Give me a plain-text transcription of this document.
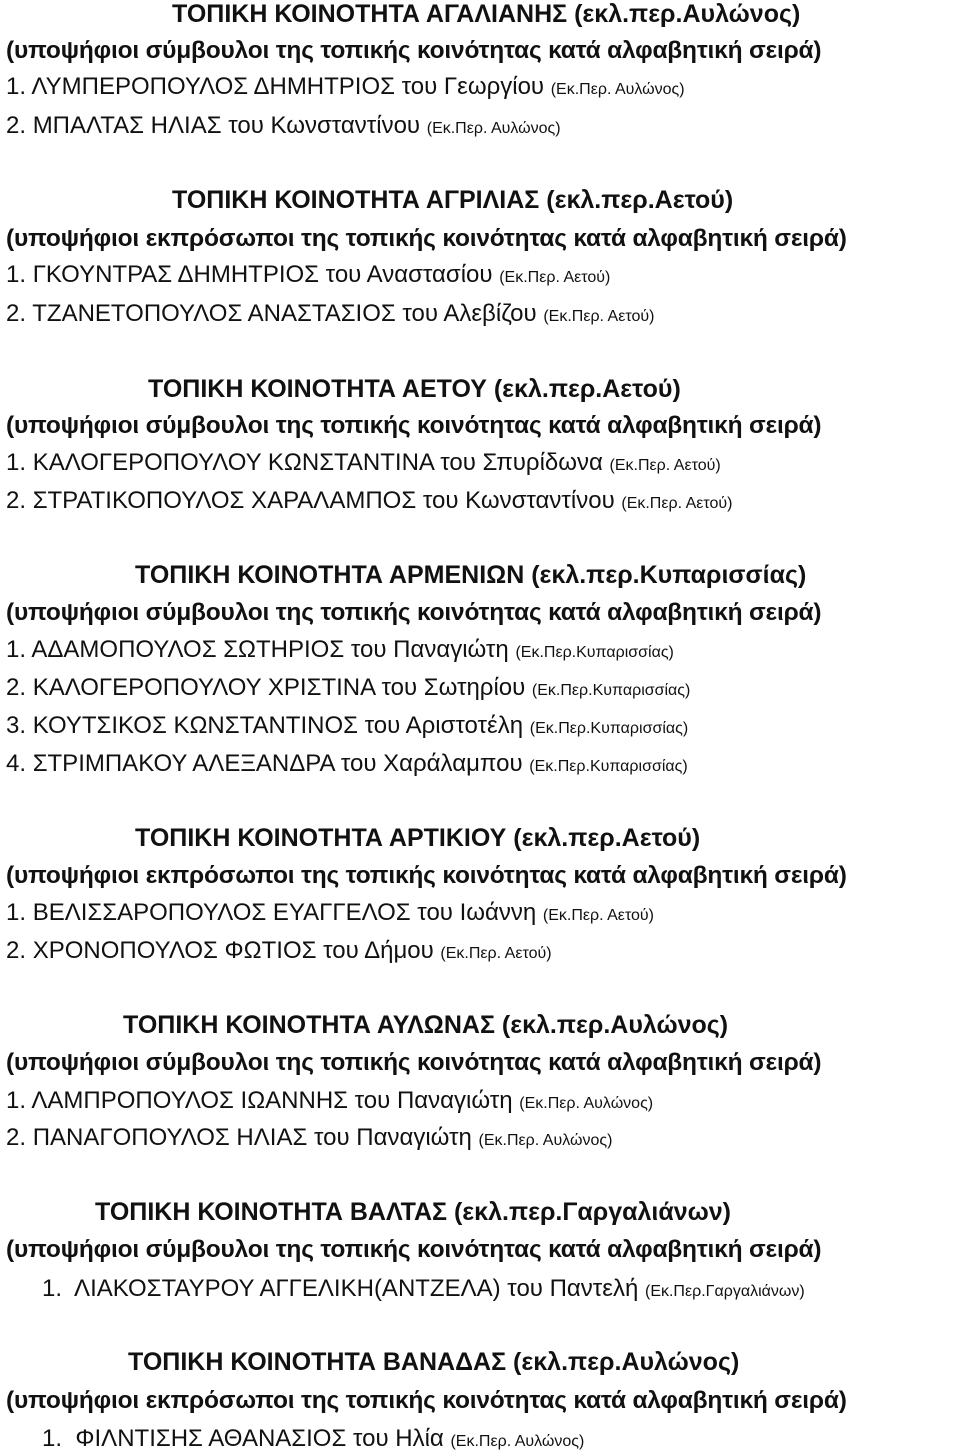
ΤΟΠΙΚΗ ΚΟΙΝΟΤΗΤΑ ΑΓΑΛΙΑΝΗΣ (εκλ.περ.Αυλώνος)
(υποψήφιοι σύμβουλοι της τοπικής κοινότητας κατά αλφαβητική σειρά)
1. ΛΥΜΠΕΡΟΠΟΥΛΟΣ ΔΗΜΗΤΡΙΟΣ του Γεωργίου (Εκ.Περ. Αυλώνος)
2. ΜΠΑΛΤΑΣ ΗΛΙΑΣ του Κωνσταντίνου (Εκ.Περ. Αυλώνος)
ΤΟΠΙΚΗ ΚΟΙΝΟΤΗΤΑ ΑΓΡΙΛΙΑΣ (εκλ.περ.Αετού)
(υποψήφιοι εκπρόσωποι της τοπικής κοινότητας κατά αλφαβητική σειρά)
1. ΓΚΟΥΝΤΡΑΣ ΔΗΜΗΤΡΙΟΣ του Αναστασίου (Εκ.Περ. Αετού)
2. ΤΖΑΝΕΤΟΠΟΥΛΟΣ ΑΝΑΣΤΑΣΙΟΣ του Αλεβίζου (Εκ.Περ. Αετού)
ΤΟΠΙΚΗ ΚΟΙΝΟΤΗΤΑ ΑΕΤΟΥ (εκλ.περ.Αετού)
(υποψήφιοι σύμβουλοι της τοπικής κοινότητας κατά αλφαβητική σειρά)
1. ΚΑΛΟΓΕΡΟΠΟΥΛΟΥ ΚΩΝΣΤΑΝΤΙΝΑ του Σπυρίδωνα (Εκ.Περ. Αετού)
2. ΣΤΡΑΤΙΚΟΠΟΥΛΟΣ ΧΑΡΑΛΑΜΠΟΣ του Κωνσταντίνου (Εκ.Περ. Αετού)
ΤΟΠΙΚΗ ΚΟΙΝΟΤΗΤΑ ΑΡΜΕΝΙΩΝ (εκλ.περ.Κυπαρισσίας)
(υποψήφιοι σύμβουλοι της τοπικής κοινότητας κατά αλφαβητική σειρά)
1. ΑΔΑΜΟΠΟΥΛΟΣ ΣΩΤΗΡΙΟΣ του Παναγιώτη (Εκ.Περ.Κυπαρισσίας)
2. ΚΑΛΟΓΕΡΟΠΟΥΛΟΥ ΧΡΙΣΤΙΝΑ του Σωτηρίου (Εκ.Περ.Κυπαρισσίας)
3. ΚΟΥΤΣΙΚΟΣ ΚΩΝΣΤΑΝΤΙΝΟΣ του Αριστοτέλη (Εκ.Περ.Κυπαρισσίας)
4. ΣΤΡΙΜΠΑΚΟΥ ΑΛΕΞΑΝΔΡΑ του Χαράλαμπου (Εκ.Περ.Κυπαρισσίας)
ΤΟΠΙΚΗ ΚΟΙΝΟΤΗΤΑ ΑΡΤΙΚΙΟΥ (εκλ.περ.Αετού)
(υποψήφιοι εκπρόσωποι της τοπικής κοινότητας κατά αλφαβητική σειρά)
1. ΒΕΛΙΣΣΑΡΟΠΟΥΛΟΣ ΕΥΑΓΓΕΛΟΣ του Ιωάννη (Εκ.Περ. Αετού)
2. ΧΡΟΝΟΠΟΥΛΟΣ ΦΩΤΙΟΣ του Δήμου (Εκ.Περ. Αετού)
ΤΟΠΙΚΗ ΚΟΙΝΟΤΗΤΑ ΑΥΛΩΝΑΣ (εκλ.περ.Αυλώνος)
(υποψήφιοι σύμβουλοι της τοπικής κοινότητας κατά αλφαβητική σειρά)
1. ΛΑΜΠΡΟΠΟΥΛΟΣ ΙΩΑΝΝΗΣ του Παναγιώτη (Εκ.Περ. Αυλώνος)
2. ΠΑΝΑΓΟΠΟΥΛΟΣ ΗΛΙΑΣ του Παναγιώτη (Εκ.Περ. Αυλώνος)
ΤΟΠΙΚΗ ΚΟΙΝΟΤΗΤΑ ΒΑΛΤΑΣ (εκλ.περ.Γαργαλιάνων)
(υποψήφιοι σύμβουλοι της τοπικής κοινότητας κατά αλφαβητική σειρά)
1. ΛΙΑΚΟΣΤΑΥΡΟΥ ΑΓΓΕΛΙΚΗ(ΑΝΤΖΕΛΑ) του Παντελή (Εκ.Περ.Γαργαλιάνων)
ΤΟΠΙΚΗ ΚΟΙΝΟΤΗΤΑ ΒΑΝΑΔΑΣ (εκλ.περ.Αυλώνος)
(υποψήφιοι εκπρόσωποι της τοπικής κοινότητας κατά αλφαβητική σειρά)
1. ΦΙΛΝΤΙΣΗΣ ΑΘΑΝΑΣΙΟΣ του Ηλία (Εκ.Περ. Αυλώνος)
